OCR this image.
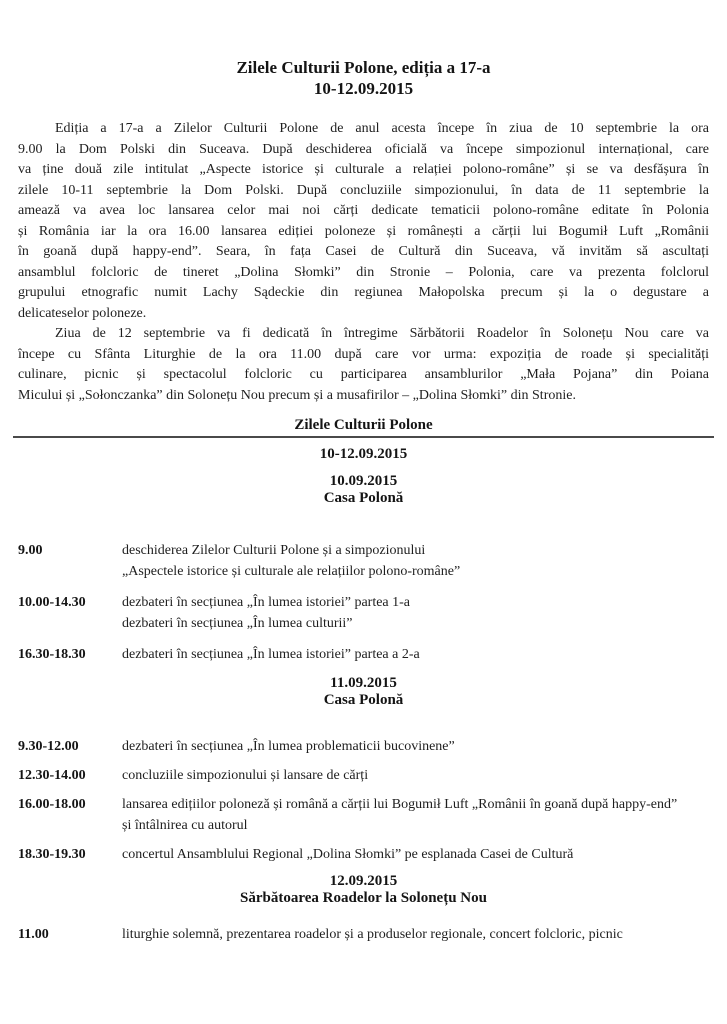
Zilele Culturii Polone, ediția a 17-a
10-12.09.2015
Ediția a 17-a a Zilelor Culturii Polone de anul acesta începe în ziua de 10 septembrie la ora
9.00 la Dom Polski din Suceava. După deschiderea oficială va începe simpozionul internațional, care
va ține două zile intitulat „Aspecte istorice și culturale a relației polono-române” și se va desfășura în
zilele 10-11 septembrie la Dom Polski. După concluziile simpozionului, în data de 11 septembrie la
amează va avea loc lansarea celor mai noi cărți dedicate tematicii polono-române editate în Polonia
și România iar la ora 16.00 lansarea ediției poloneze și românești a cărții lui Bogumił Luft „Românii
în goană după happy-end”. Seara, în fața Casei de Cultură din Suceava, vă invităm să ascultați
ansamblul folcloric de tineret „Dolina Słomki” din Stronie – Polonia, care va prezenta folclorul
grupului etnografic numit Lachy Sądeckie din regiunea Małopolska precum și la o degustare a
delicateselor poloneze.
Ziua de 12 septembrie va fi dedicată în întregime Sărbătorii Roadelor în Solonețu Nou care va
începe cu Sfânta Liturghie de la ora 11.00 după care vor urma: expoziția de roade și specialități
culinare, picnic și spectacolul folcloric cu participarea ansamblurilor „Mała Pojana” din Poiana
Micului și „Sołonczanka” din Solonețu Nou precum și a musafirilor – „Dolina Słomki” din Stronie.
Zilele Culturii Polone
10-12.09.2015
10.09.2015
Casa Polonă
9.00	deschiderea Zilelor Culturii Polone și a simpozionului
„Aspectele istorice și culturale ale relațiilor polono-române”
10.00-14.30	dezbateri în secțiunea „În lumea istoriei” partea 1-a
dezbateri în secțiunea „În lumea culturii”
16.30-18.30	dezbateri în secțiunea „În lumea istoriei” partea a 2-a
11.09.2015
Casa Polonă
9.30-12.00	dezbateri în secțiunea „În lumea problematicii bucovinene”
12.30-14.00	concluziile simpozionului și lansare de cărți
16.00-18.00	lansarea edițiilor poloneză și română a cărții lui Bogumił Luft „Românii în goană după happy-end”
și întâlnirea cu autorul
18.30-19.30	concertul Ansamblului Regional „Dolina Słomki” pe esplanada Casei de Cultură
12.09.2015
Sărbătoarea Roadelor la Solonețu Nou
11.00	liturghie solemnă, prezentarea roadelor și a produselor regionale, concert folcloric, picnic
